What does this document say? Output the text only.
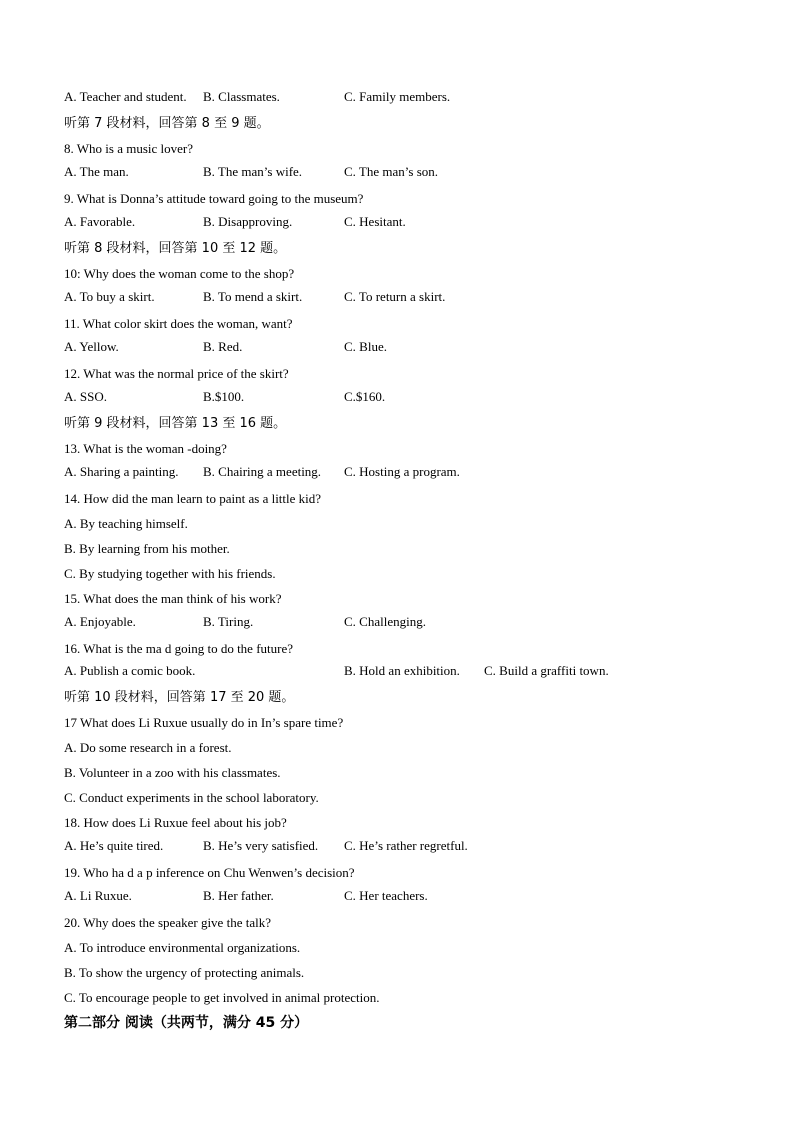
A. Teacher and student. B. Classmates.	C. Family members.
听第 7 段材料，回答第 8 至 9 题。
8. Who is a music lover?
A. The man.	B. The man’s wife.	C. The man’s son.
9. What is Donna’s attitude toward going to the museum?
A. Favorable.	B. Disapproving.	C. Hesitant.
听第 8 段材料，回答第 10 至 12 题。
10: Why does the woman come to the shop?
A. To buy a skirt.	B. To mend a skirt.	C. To return a skirt.
11. What color skirt does the woman, want?
A. Yellow.	B. Red.	C. Blue.
12. What was the normal price of the skirt?
A. SSO.	B.$100.	C.$160.
听第 9 段材料，回答第 13 至 16 题。
13. What is the woman -doing?
A. Sharing a painting. B. Chairing a meeting. C. Hosting a program.
14. How did the man learn to paint as a little kid?
A. By teaching himself.
B. By learning from his mother.
C. By studying together with his friends.
15. What does the man think of his work?
A. Enjoyable.	B. Tiring.	C. Challenging.
16. What is the ma d going to do the future?
A. Publish a comic book.	B. Hold an exhibition. C. Build a graffiti town.
听第 10 段材料，回答第 17 至 20 题。
17 What does Li Ruxue usually do in In’s spare time?
A. Do some research in a forest.
B. Volunteer in a zoo with his classmates.
C. Conduct experiments in the school laboratory.
18. How does Li Ruxue feel about his job?
A. He’s quite tired.	B. He’s very satisfied. C. He’s rather regretful.
19. Who ha d a p inference on Chu Wenwen’s decision?
A. Li Ruxue.	B. Her father.	C. Her teachers.
20. Why does the speaker give the talk?
A. To introduce environmental organizations.
B. To show the urgency of protecting animals.
C. To encourage people to get involved in animal protection.
第二部分 阅读（共两节，满分 45 分）
